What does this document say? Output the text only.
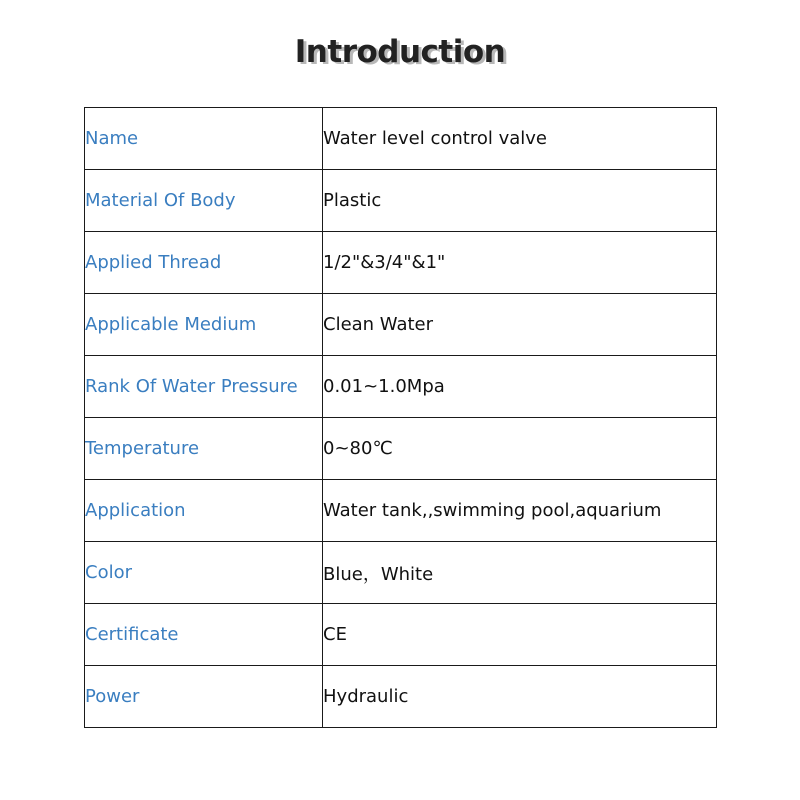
Introduction
Name	Water level control valve
Material Of Body	Plastic
Applied Thread	1/2"&3/4"&1"
Applicable Medium	Clean Water
Rank Of Water Pressure	0.01~1.0Mpa
Temperature	0~80℃
Application	Water tank,,swimming pool,aquarium
Color	Blue，White
Certificate	CE
Power	Hydraulic
